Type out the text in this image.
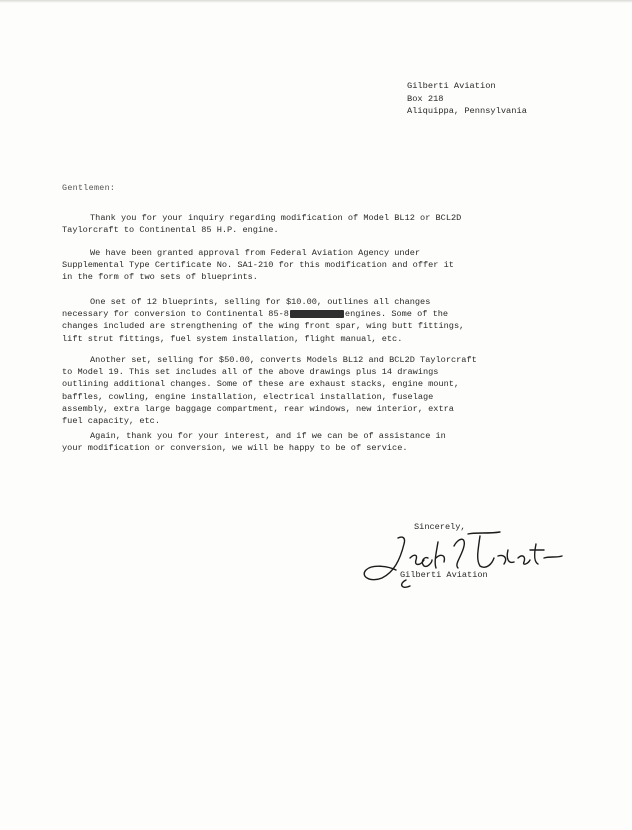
Gilberti Aviation
Box 218
Aliquippa, Pennsylvania
Gentlemen:
Thank you for your inquiry regarding modification of Model BL12 or BCL2D
Taylorcraft to Continental 85 H.P. engine.
We have been granted approval from Federal Aviation Agency under
Supplemental Type Certificate No. SA1-210 for this modification and offer it
in the form of two sets of blueprints.
One set of 12 blueprints, selling for $10.00, outlines all changes
necessary for conversion to Continental 85-8	engines. Some of the
changes included are strengthening of the wing front spar, wing butt fittings,
lift strut fittings, fuel system installation, flight manual, etc.
Another set, selling for $50.00, converts Models BL12 and BCL2D Taylorcraft
to Model 19. This set includes all of the above drawings plus 14 drawings
outlining additional changes. Some of these are exhaust stacks, engine mount,
baffles, cowling, engine installation, electrical installation, fuselage
assembly, extra large baggage compartment, rear windows, new interior, extra
fuel capacity, etc.
Again, thank you for your interest, and if we can be of assistance in
your modification or conversion, we will be happy to be of service.
Sincerely,
Gilberti Aviation
